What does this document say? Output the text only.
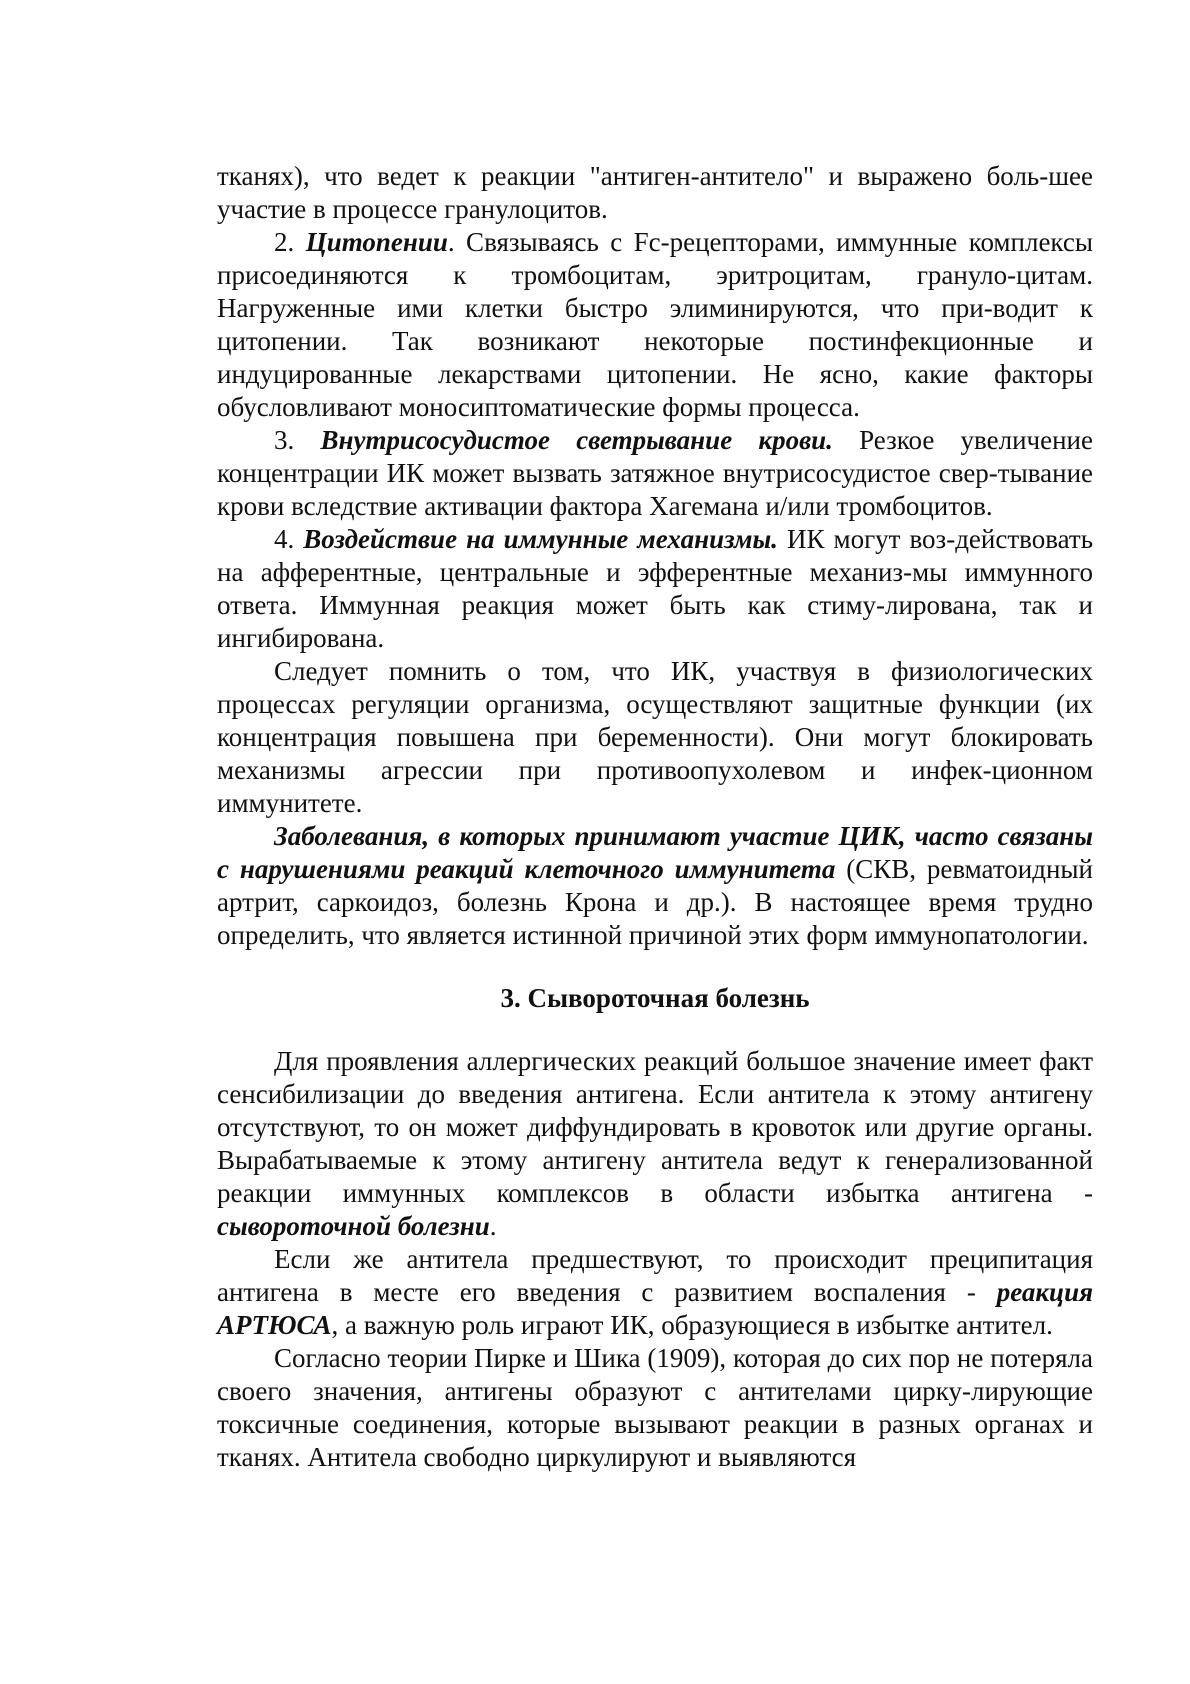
тканях), что ведет к реакции "антиген-антитело" и выражено боль-шее участие в процессе гранулоцитов.

2. Цитопении. Связываясь с Fc-рецепторами, иммунные комплексы присоединяются к тромбоцитам, эритроцитам, грануло-цитам. Нагруженные ими клетки быстро элиминируются, что при-водит к цитопении. Так возникают некоторые постинфекционные и индуцированные лекарствами цитопении. Не ясно, какие факторы обусловливают моносиптоматические формы процесса.

3. Внутрисосудистое светрывание крови. Резкое увеличение концентрации ИК может вызвать затяжное внутрисосудистое свер-тывание крови вследствие активации фактора Хагемана и/или тромбоцитов.

4. Воздействие на иммунные механизмы. ИК могут воз-действовать на афферентные, центральные и эфферентные механиз-мы иммунного ответа. Иммунная реакция может быть как стиму-лирована, так и ингибирована.

Следует помнить о том, что ИК, участвуя в физиологических процессах регуляции организма, осуществляют защитные функции (их концентрация повышена при беременности). Они могут блокировать механизмы агрессии при противоопухолевом и инфек-ционном иммунитете.

Заболевания, в которых принимают участие ЦИК, часто связаны с нарушениями реакций клеточного иммунитета (СКВ, ревматоидный артрит, саркоидоз, болезнь Крона и др.). В настоящее время трудно определить, что является истинной причиной этих форм иммунопатологии.

3. Сывороточная болезнь

Для проявления аллергических реакций большое значение имеет факт сенсибилизации до введения антигена. Если антитела к этому антигену отсутствуют, то он может диффундировать в кровоток или другие органы. Вырабатываемые к этому антигену антитела ведут к генерализованной реакции иммунных комплексов в области избытка антигена - сывороточной болезни.

Если же антитела предшествуют, то происходит преципитация антигена в месте его введения с развитием воспаления - реакция АРТЮСА, а важную роль играют ИК, образующиеся в избытке антител.

Согласно теории Пирке и Шика (1909), которая до сих пор не потеряла своего значения, антигены образуют с антителами цирку-лирующие токсичные соединения, которые вызывают реакции в разных органах и тканях. Антитела свободно циркулируют и выявляются
